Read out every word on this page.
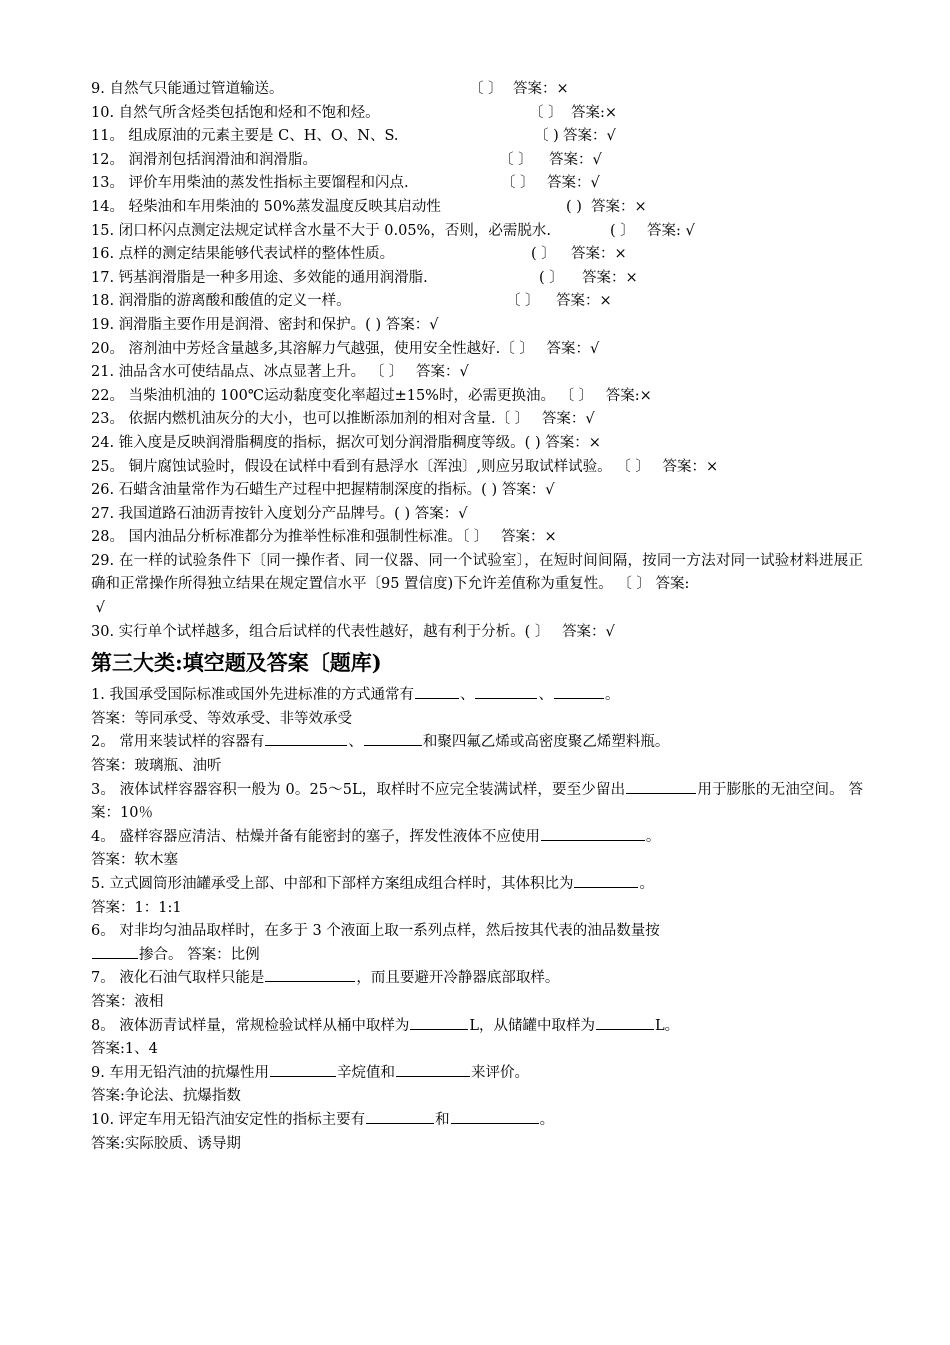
9. 自然气只能通过管道输送。	〔 〕 答案：×
10. 自然气所含烃类包括饱和烃和不饱和烃。	〔 〕 答案:×
11。 组成原油的元素主要是 C、H、O、N、S.	〔 ) 答案：√
12。 润滑剂包括润滑油和润滑脂。	〔 〕 答案：√
13。 评价车用柴油的蒸发性指标主要馏程和闪点.	〔 〕 答案：√
14。 轻柴油和车用柴油的 50%蒸发温度反映其启动性	( ) 答案：×
15. 闭口杯闪点测定法规定试样含水量不大于 0.05%，否则，必需脱水.	( 〕 答案: √
16. 点样的测定结果能够代表试样的整体性质。	( 〕 答案：×
17. 钙基润滑脂是一种多用途、多效能的通用润滑脂.	( 〕 答案：×
18. 润滑脂的游离酸和酸值的定义一样。	〔 〕 答案：×
19. 润滑脂主要作用是润滑、密封和保护。( ) 答案：√
20。 溶剂油中芳烃含量越多,其溶解力气越强，使用安全性越好.〔 〕 答案：√
21. 油品含水可使结晶点、冰点显著上升。 〔 〕 答案：√
22。 当柴油机油的 100℃运动黏度变化率超过±15%时，必需更换油。 〔 〕 答案:×
23。 依据内燃机油灰分的大小，也可以推断添加剂的相对含量.〔 〕 答案：√
24. 锥入度是反映润滑脂稠度的指标，据次可划分润滑脂稠度等级。( ) 答案：×
25。 铜片腐蚀试验时，假设在试样中看到有悬浮水〔浑浊〕,则应另取试样试验。 〔 〕 答案：×
26. 石蜡含油量常作为石蜡生产过程中把握精制深度的指标。( ) 答案：√
27. 我国道路石油沥青按针入度划分产品牌号。( ) 答案：√
28。 国内油品分析标准都分为推举性标准和强制性标准。〔 〕 答案：×
29. 在一样的试验条件下〔同一操作者、同一仪器、同一个试验室〕，在短时间间隔，按同一方法对同一试验材料进展正确和正常操作所得独立结果在规定置信水平〔95 置信度)下允许差值称为重复性。 〔 〕 答案:
√
30. 实行单个试样越多，组合后试样的代表性越好，越有利于分析。( 〕 答案：√
第三大类:填空题及答案〔题库)
1. 我国承受国际标准或国外先进标准的方式通常有	、	、	。
答案：等同承受、等效承受、非等效承受
2。 常用来装试样的容器有	、	和聚四氟乙烯或高密度聚乙烯塑料瓶。
答案：玻璃瓶、油听
3。 液体试样容器容积一般为 0。25～5L，取样时不应完全装满试样，要至少留出	用于膨胀的无油空间。 答案：10％
4。 盛样容器应清洁、枯燥并备有能密封的塞子，挥发性液体不应使用	。
答案：软木塞
5. 立式圆筒形油罐承受上部、中部和下部样方案组成组合样时，其体积比为	。
答案：1：1:1
6。 对非均匀油品取样时，在多于 3 个液面上取一系列点样，然后按其代表的油品数量按
掺合。 答案：比例
7。 液化石油气取样只能是	，而且要避开冷静器底部取样。
答案：液相
8。 液体沥青试样量，常规检验试样从桶中取样为	L，从储罐中取样为	L。
答案:1、4
9. 车用无铅汽油的抗爆性用	辛烷值和	来评价。
答案:争论法、抗爆指数
10. 评定车用无铅汽油安定性的指标主要有	和	。
答案:实际胶质、诱导期
